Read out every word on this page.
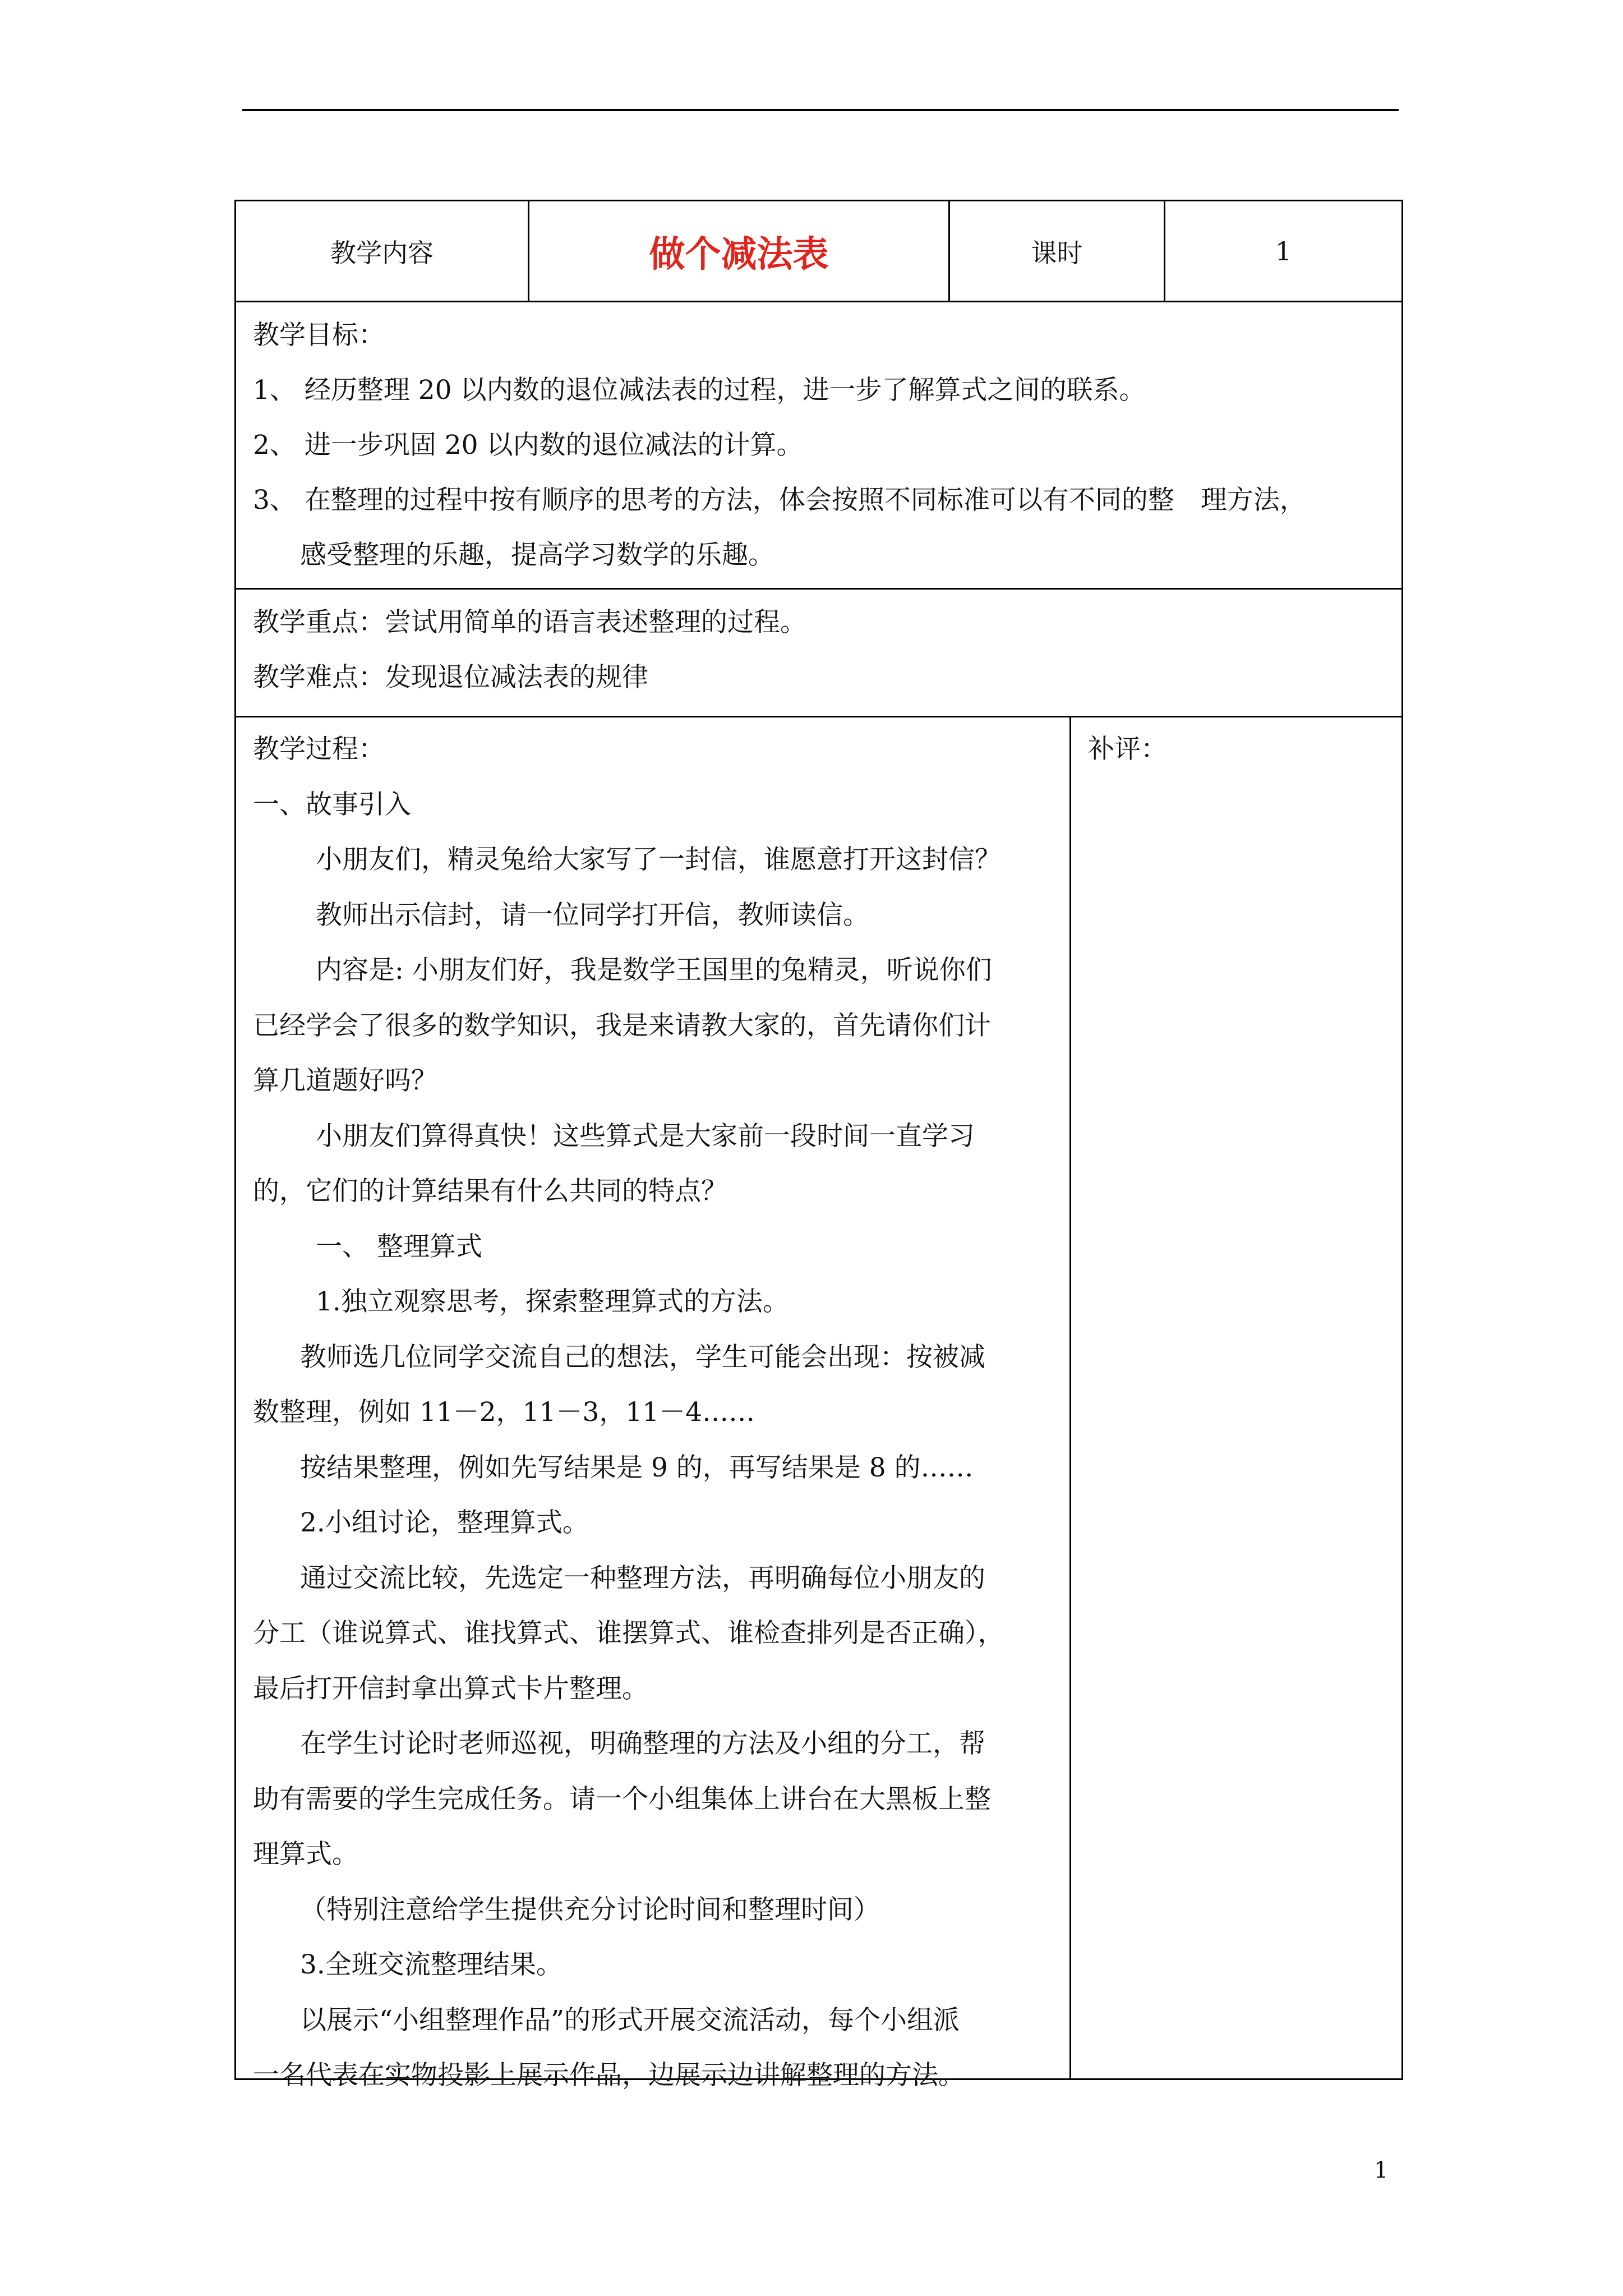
教学内容	做个减法表	课时	1
教学目标：
1、 经历整理 20 以内数的退位减法表的过程，进一步了解算式之间的联系。
2、 进一步巩固 20 以内数的退位减法的计算。
3、 在整理的过程中按有顺序的思考的方法，体会按照不同标准可以有不同的整　理方法，
感受整理的乐趣，提高学习数学的乐趣。
教学重点：尝试用简单的语言表述整理的过程。
教学难点：发现退位减法表的规律
教学过程：
一、故事引入
小朋友们，精灵兔给大家写了一封信，谁愿意打开这封信？
教师出示信封，请一位同学打开信，教师读信。
内容是: 小朋友们好，我是数学王国里的兔精灵，听说你们
已经学会了很多的数学知识，我是来请教大家的，首先请你们计
算几道题好吗？
小朋友们算得真快！这些算式是大家前一段时间一直学习
的，它们的计算结果有什么共同的特点？
一、 整理算式
1.独立观察思考，探索整理算式的方法。
教师选几位同学交流自己的想法，学生可能会出现：按被减
数整理，例如 11－2，11－3，11－4……
按结果整理，例如先写结果是 9 的，再写结果是 8 的……
2.小组讨论，整理算式。
通过交流比较，先选定一种整理方法，再明确每位小朋友的
分工（谁说算式、谁找算式、谁摆算式、谁检查排列是否正确），
最后打开信封拿出算式卡片整理。
在学生讨论时老师巡视，明确整理的方法及小组的分工，帮
助有需要的学生完成任务。请一个小组集体上讲台在大黑板上整
理算式。
（特别注意给学生提供充分讨论时间和整理时间）
3.全班交流整理结果。
以展示“小组整理作品”的形式开展交流活动，每个小组派
一名代表在实物投影上展示作品，边展示边讲解整理的方法。
补评：
1
